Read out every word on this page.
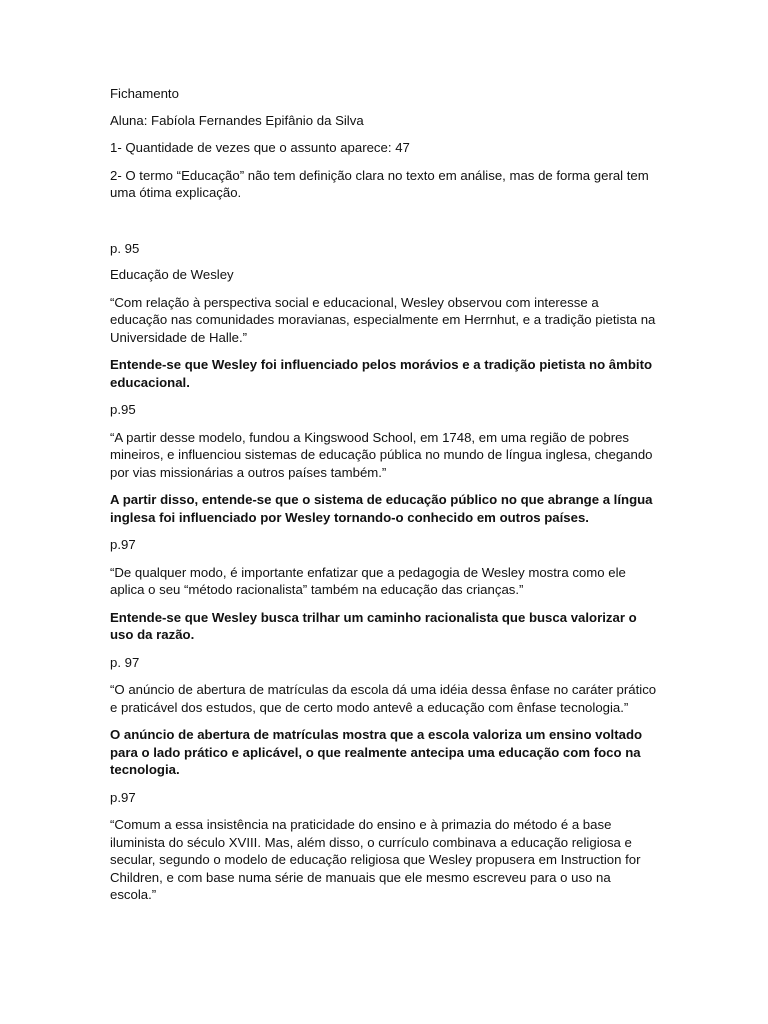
Fichamento

Aluna: Fabíola Fernandes Epifânio da Silva

1- Quantidade de vezes que o assunto aparece: 47

2- O termo “Educação” não tem definição clara no texto em análise, mas de forma geral tem uma ótima explicação.

p. 95

Educação de Wesley

“Com relação à perspectiva social e educacional, Wesley observou com interesse a educação nas comunidades moravianas, especialmente em Herrnhut, e a tradição pietista na Universidade de Halle.”

Entende-se que Wesley foi influenciado pelos morávios e a tradição pietista no âmbito educacional.

p.95

“A partir desse modelo, fundou a Kingswood School, em 1748, em uma região de pobres mineiros, e influenciou sistemas de educação pública no mundo de língua inglesa, chegando por vias missionárias a outros países também.”

A partir disso, entende-se que o sistema de educação público no que abrange a língua inglesa foi influenciado por Wesley tornando-o conhecido em outros países.

p.97

“De qualquer modo, é importante enfatizar que a pedagogia de Wesley mostra como ele aplica o seu “método racionalista” também na educação das crianças.”

Entende-se que Wesley busca trilhar um caminho racionalista que busca valorizar o uso da razão.

p. 97

“O anúncio de abertura de matrículas da escola dá uma idéia dessa ênfase no caráter prático e praticável dos estudos, que de certo modo antevê a educação com ênfase tecnologia.”

O anúncio de abertura de matrículas mostra que a escola valoriza um ensino voltado para o lado prático e aplicável, o que realmente antecipa uma educação com foco na tecnologia.

p.97

“Comum a essa insistência na praticidade do ensino e à primazia do método é a base iluminista do século XVIII. Mas, além disso, o currículo combinava a educação religiosa e secular, segundo o modelo de educação religiosa que Wesley propusera em Instruction for Children, e com base numa série de manuais que ele mesmo escreveu para o uso na escola.”
